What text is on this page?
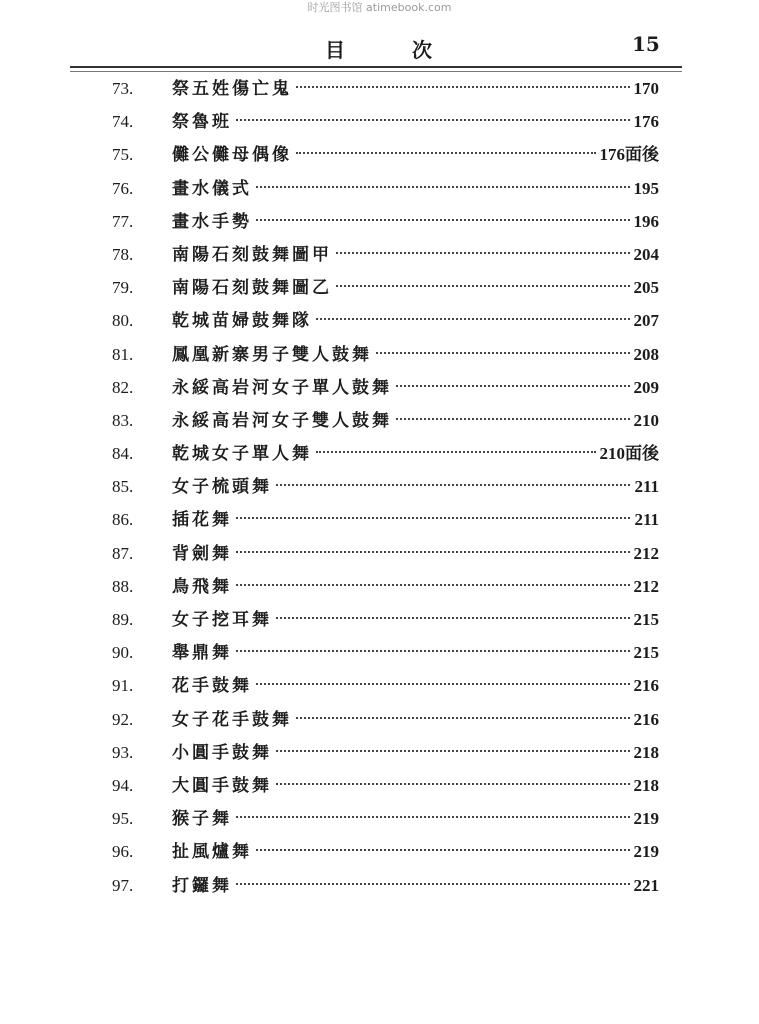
时光图书馆 atimebook.com
目 次	15
73.	祭五姓傷亡鬼	170
74.	祭魯班	176
75.	儺公儺母偶像	176面後
76.	畫水儀式	195
77.	畫水手勢	196
78.	南陽石刻鼓舞圖甲	204
79.	南陽石刻鼓舞圖乙	205
80.	乾城苗婦鼓舞隊	207
81.	鳳凰新寨男子雙人鼓舞	208
82.	永綏高岩河女子單人鼓舞	209
83.	永綏高岩河女子雙人鼓舞	210
84.	乾城女子單人舞	210面後
85.	女子梳頭舞	211
86.	插花舞	211
87.	背劍舞	212
88.	鳥飛舞	212
89.	女子挖耳舞	215
90.	舉鼎舞	215
91.	花手鼓舞	216
92.	女子花手鼓舞	216
93.	小圓手鼓舞	218
94.	大圓手鼓舞	218
95.	猴子舞	219
96.	扯風爐舞	219
97.	打鑼舞	221
